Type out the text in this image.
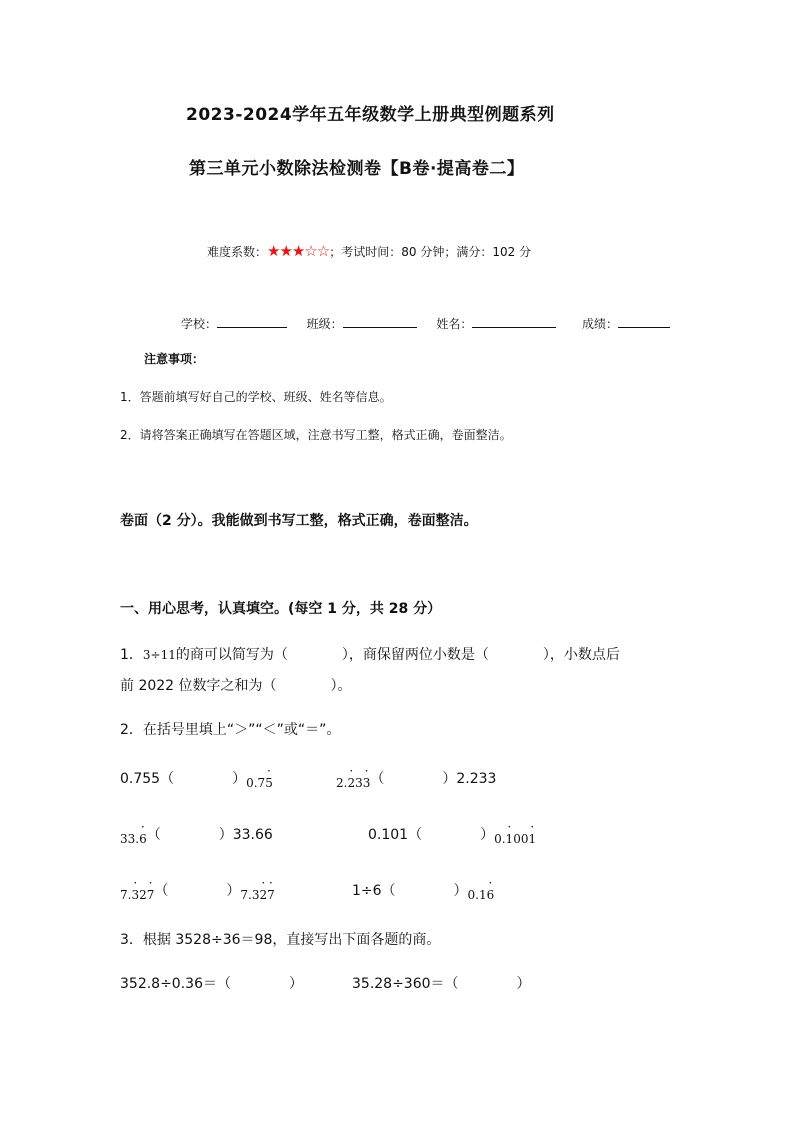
2023-2024学年五年级数学上册典型例题系列
第三单元小数除法检测卷【B卷·提高卷二】
难度系数：★★★☆☆；考试时间：80 分钟；满分：102 分
学校：	班级：	姓名：	成绩：
注意事项：
1．答题前填写好自己的学校、班级、姓名等信息。
2．请将答案正确填写在答题区域，注意书写工整，格式正确，卷面整洁。
卷面（2 分）。我能做到书写工整，格式正确，卷面整洁。
一、用心思考，认真填空。(每空 1 分，共 28 分）
1．3÷11的商可以简写为（	），商保留两位小数是（	），小数点后
前 2022 位数字之和为（	）。
2．在括号里填上“＞”“＜”或“＝”。
0.755（	）0.7· 5	2.· 23· 3（	）2.233
33.· 6（	）33.66	0.101（	）0.· 100· 1
7.· 32· 7（	）7.3· 2· 7	1÷6（	）0.1· 6
3．根据 3528÷36＝98，直接写出下面各题的商。
352.8÷0.36＝（	）	35.28÷360＝（	）
